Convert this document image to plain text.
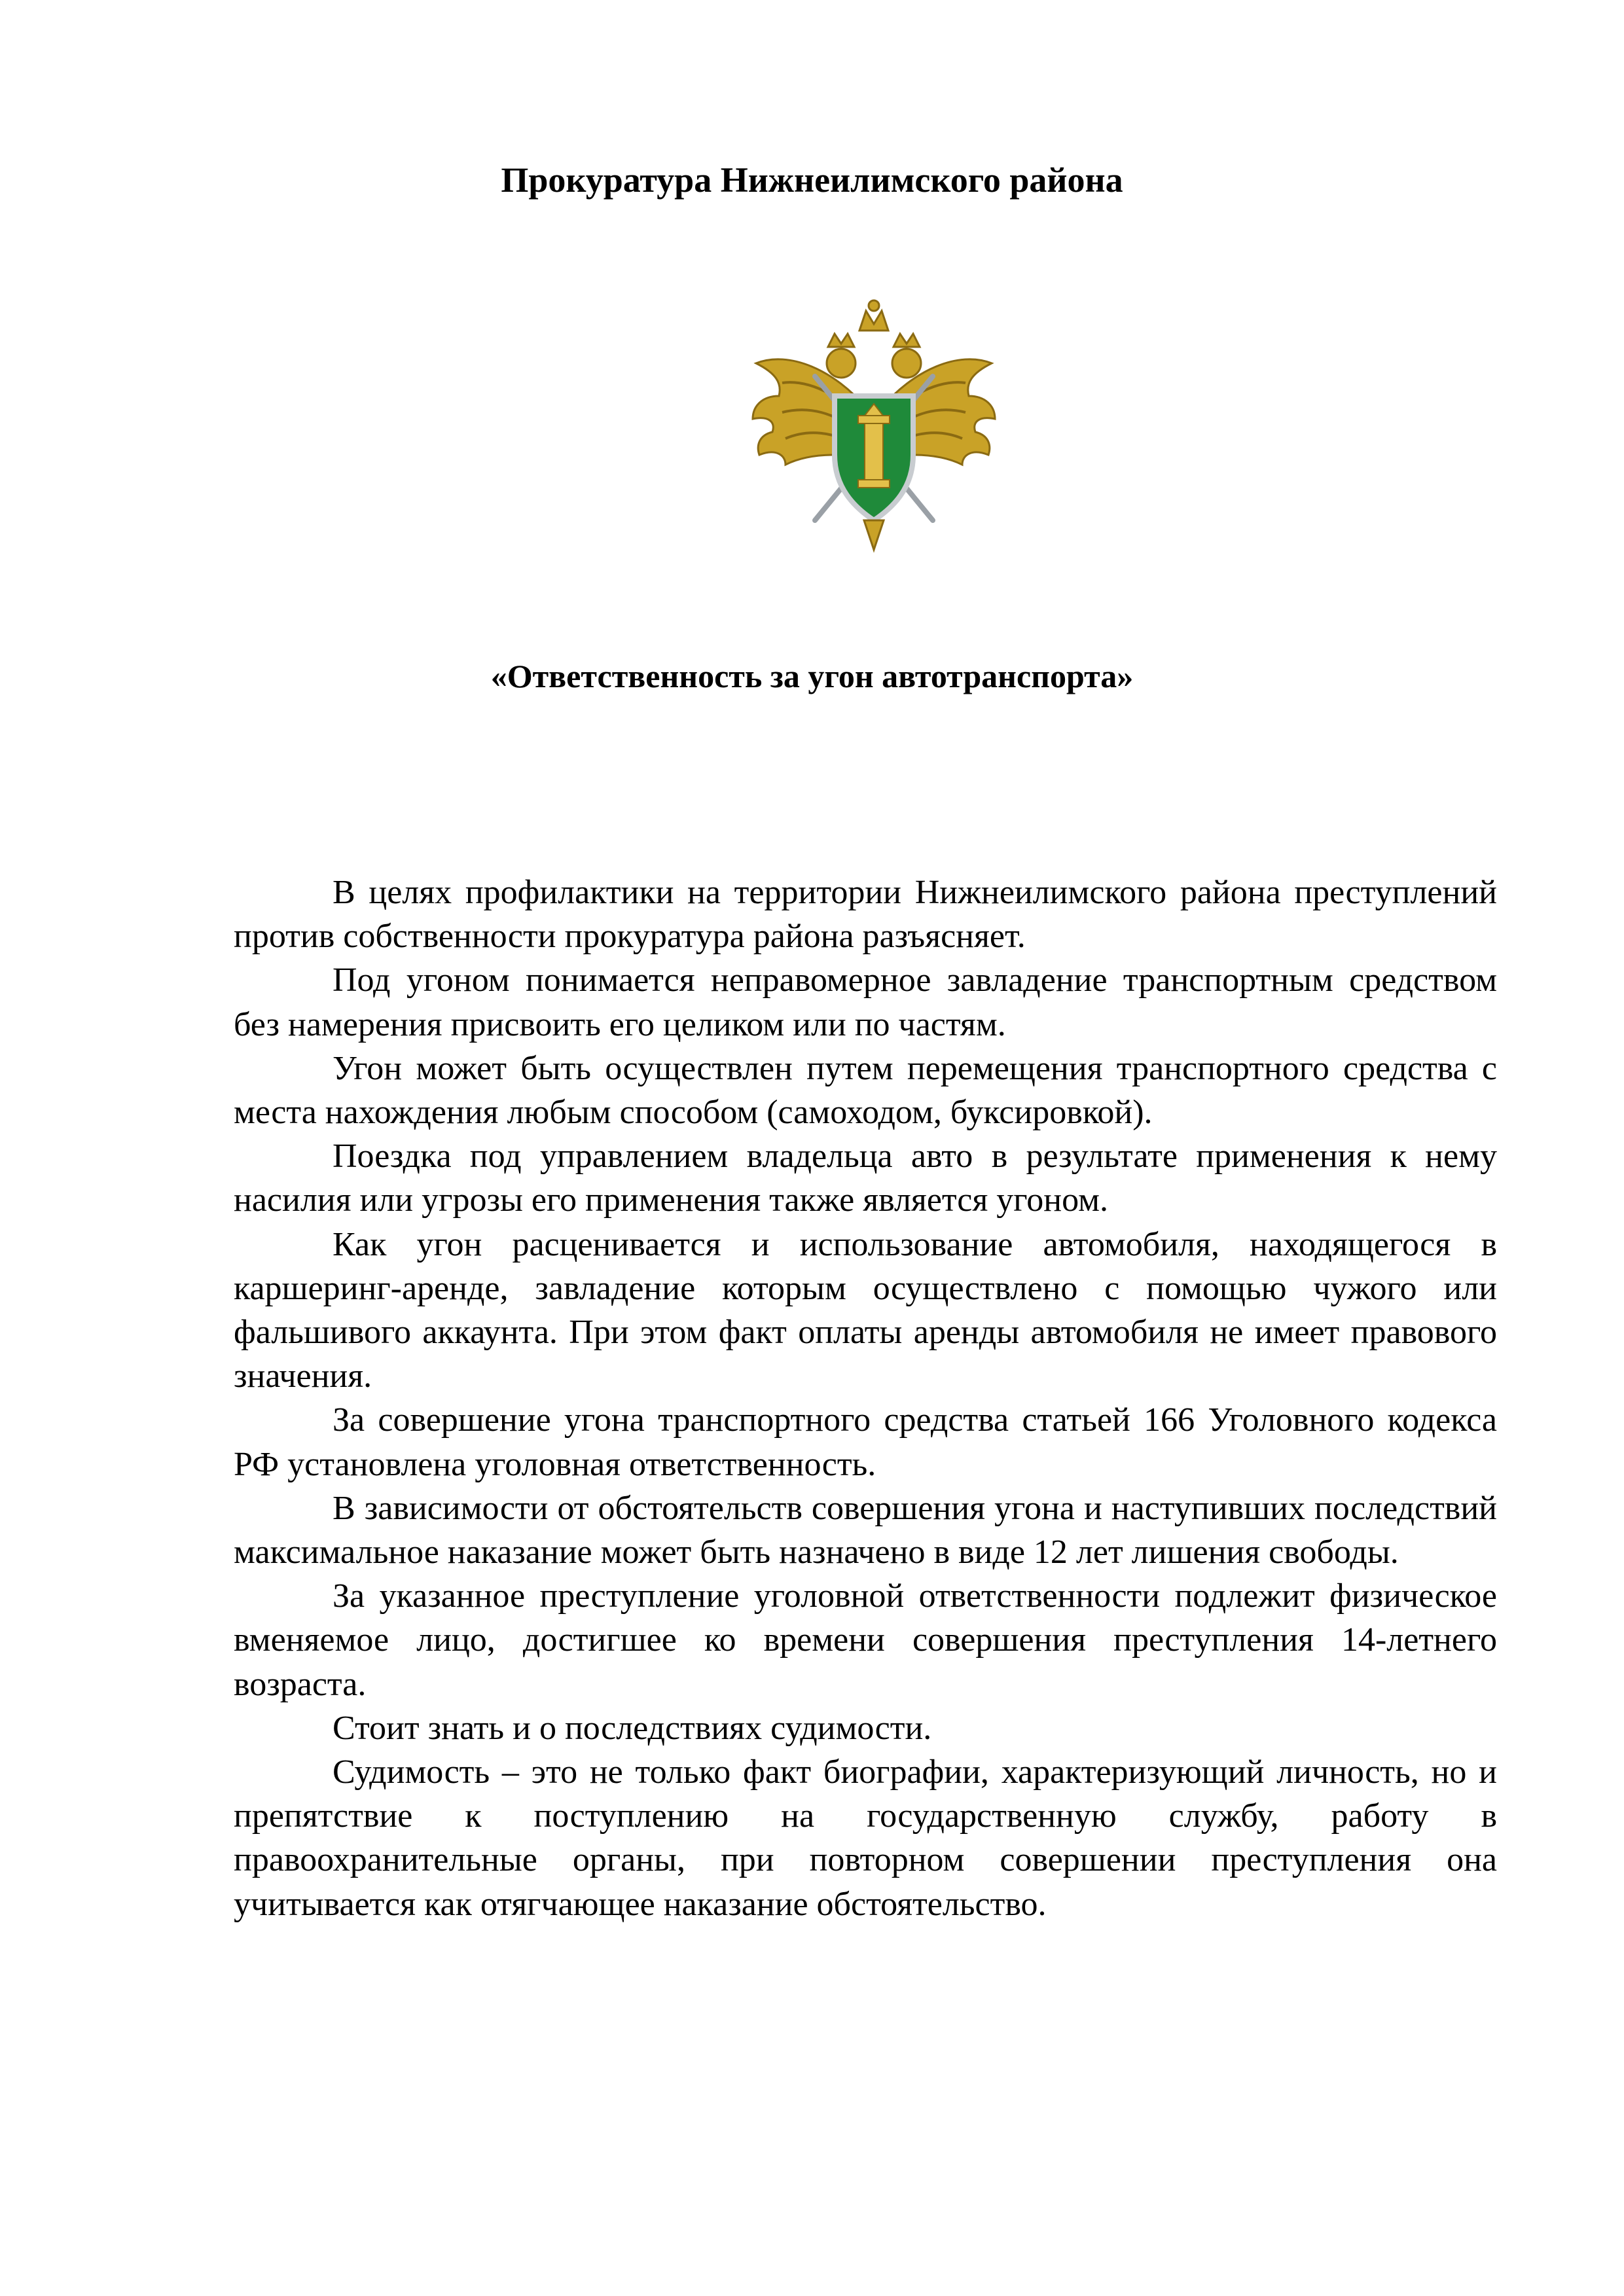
Прокуратура Нижнеилимского района
«Ответственность за угон автотранспорта»

В целях профилактики на территории Нижнеилимского района преступлений против собственности прокуратура района разъясняет.

Под угоном понимается неправомерное завладение транспортным средством без намерения присвоить его целиком или по частям.

Угон может быть осуществлен путем перемещения транспортного средства с места нахождения любым способом (самоходом, буксировкой).

Поездка под управлением владельца авто в результате применения к нему насилия или угрозы его применения также является угоном.

Как угон расценивается и использование автомобиля, находящегося в каршеринг-аренде, завладение которым осуществлено с помощью чужого или фальшивого аккаунта. При этом факт оплаты аренды автомобиля не имеет правового значения.

За совершение угона транспортного средства статьей 166 Уголовного кодекса РФ установлена уголовная ответственность.

В зависимости от обстоятельств совершения угона и наступивших последствий максимальное наказание может быть назначено в виде 12 лет лишения свободы.

За указанное преступление уголовной ответственности подлежит физическое вменяемое лицо, достигшее ко времени совершения преступления 14-летнего возраста.

Стоит знать и о последствиях судимости.

Судимость – это не только факт биографии, характеризующий личность, но и препятствие к поступлению на государственную службу, работу в правоохранительные органы, при повторном совершении преступления она учитывается как отягчающее наказание обстоятельство.
